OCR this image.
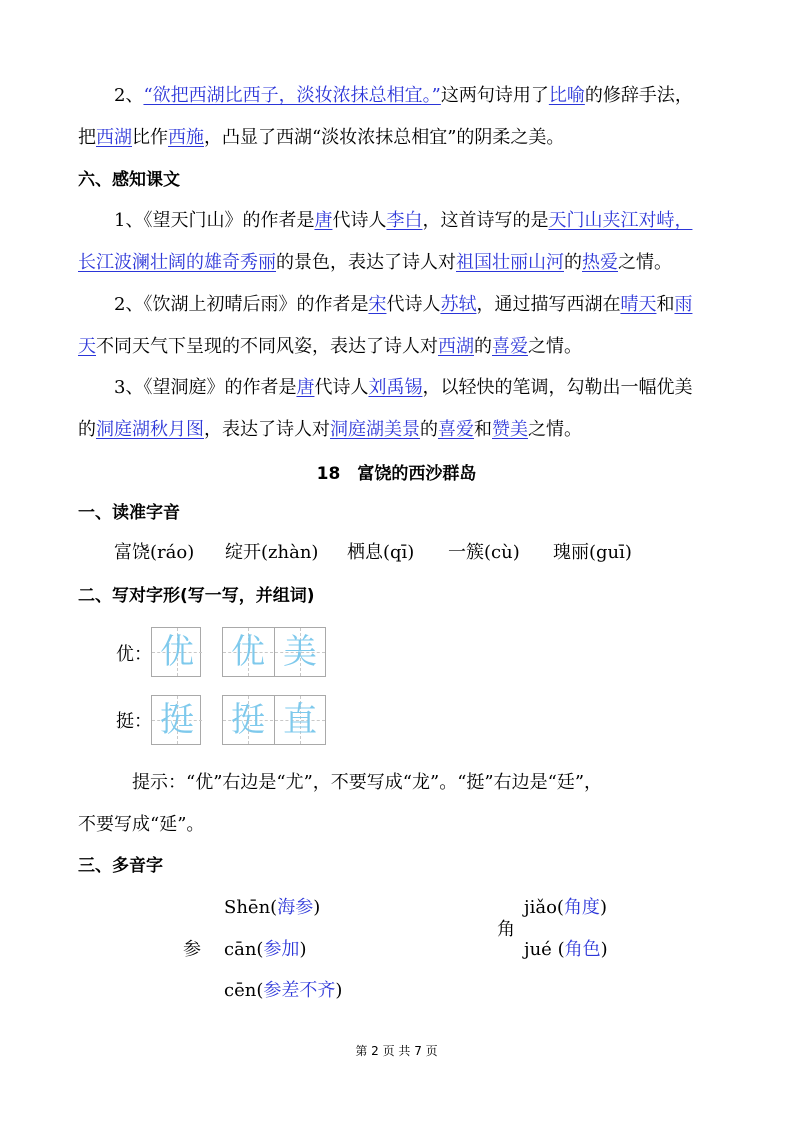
2、“欲把西湖比西子，淡妆浓抹总相宜。”这两句诗用了比喻的修辞手法，
把西湖比作西施，凸显了西湖“淡妆浓抹总相宜”的阴柔之美。
六、感知课文
1、《望天门山》的作者是唐代诗人李白，这首诗写的是天门山夹江对峙，
长江波澜壮阔的雄奇秀丽的景色，表达了诗人对祖国壮丽山河的热爱之情。
2、《饮湖上初晴后雨》的作者是宋代诗人苏轼，通过描写西湖在晴天和雨
天不同天气下呈现的不同风姿，表达了诗人对西湖的喜爱之情。
3、《望洞庭》的作者是唐代诗人刘禹锡，以轻快的笔调，勾勒出一幅优美
的洞庭湖秋月图，表达了诗人对洞庭湖美景的喜爱和赞美之情。
18　富饶的西沙群岛
一、读准字音
富饶(ráo) 绽开(zhàn) 栖息(qī) 一簇(cù) 瑰丽(guī)
二、写对字形(写一写，并组词)
优： 优 优 美
挺： 挺 挺 直
提示：“优”右边是“尤”，不要写成“龙”。“挺”右边是“廷”，
不要写成“延”。
三、多音字
参
Shēn(海参)
cān(参加)
cēn(参差不齐)
角
jiǎo(角度)
jué (角色)
第 2 页 共 7 页
